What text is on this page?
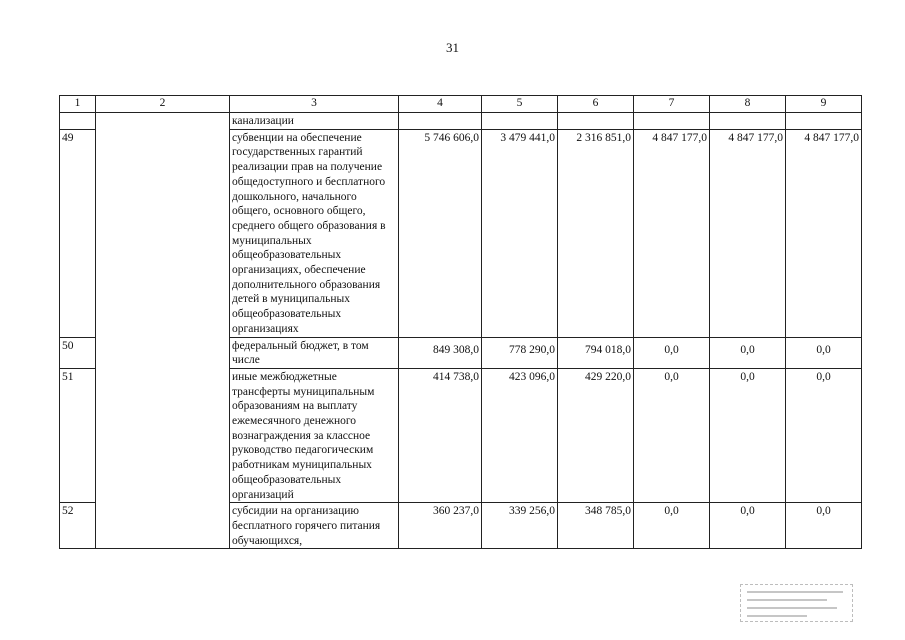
31
1	2	3	4	5	6	7	8	9
		канализации						
49		субвенции на обеспечение государственных гарантий реализации прав на получение общедоступного и бесплатного дошкольного, начального общего, основного общего, среднего общего образования в муниципальных общеобразовательных организациях, обеспечение дополнительного образования детей в муниципальных общеобразовательных организациях	5 746 606,0	3 479 441,0	2 316 851,0	4 847 177,0	4 847 177,0	4 847 177,0
50		федеральный бюджет, в том числе	849 308,0	778 290,0	794 018,0	0,0	0,0	0,0
51		иные межбюджетные трансферты муниципальным образованиям на выплату ежемесячного денежного вознаграждения за классное руководство педагогическим работникам муниципальных общеобразовательных организаций	414 738,0	423 096,0	429 220,0	0,0	0,0	0,0
52		субсидии на организацию бесплатного горячего питания обучающихся,	360 237,0	339 256,0	348 785,0	0,0	0,0	0,0
